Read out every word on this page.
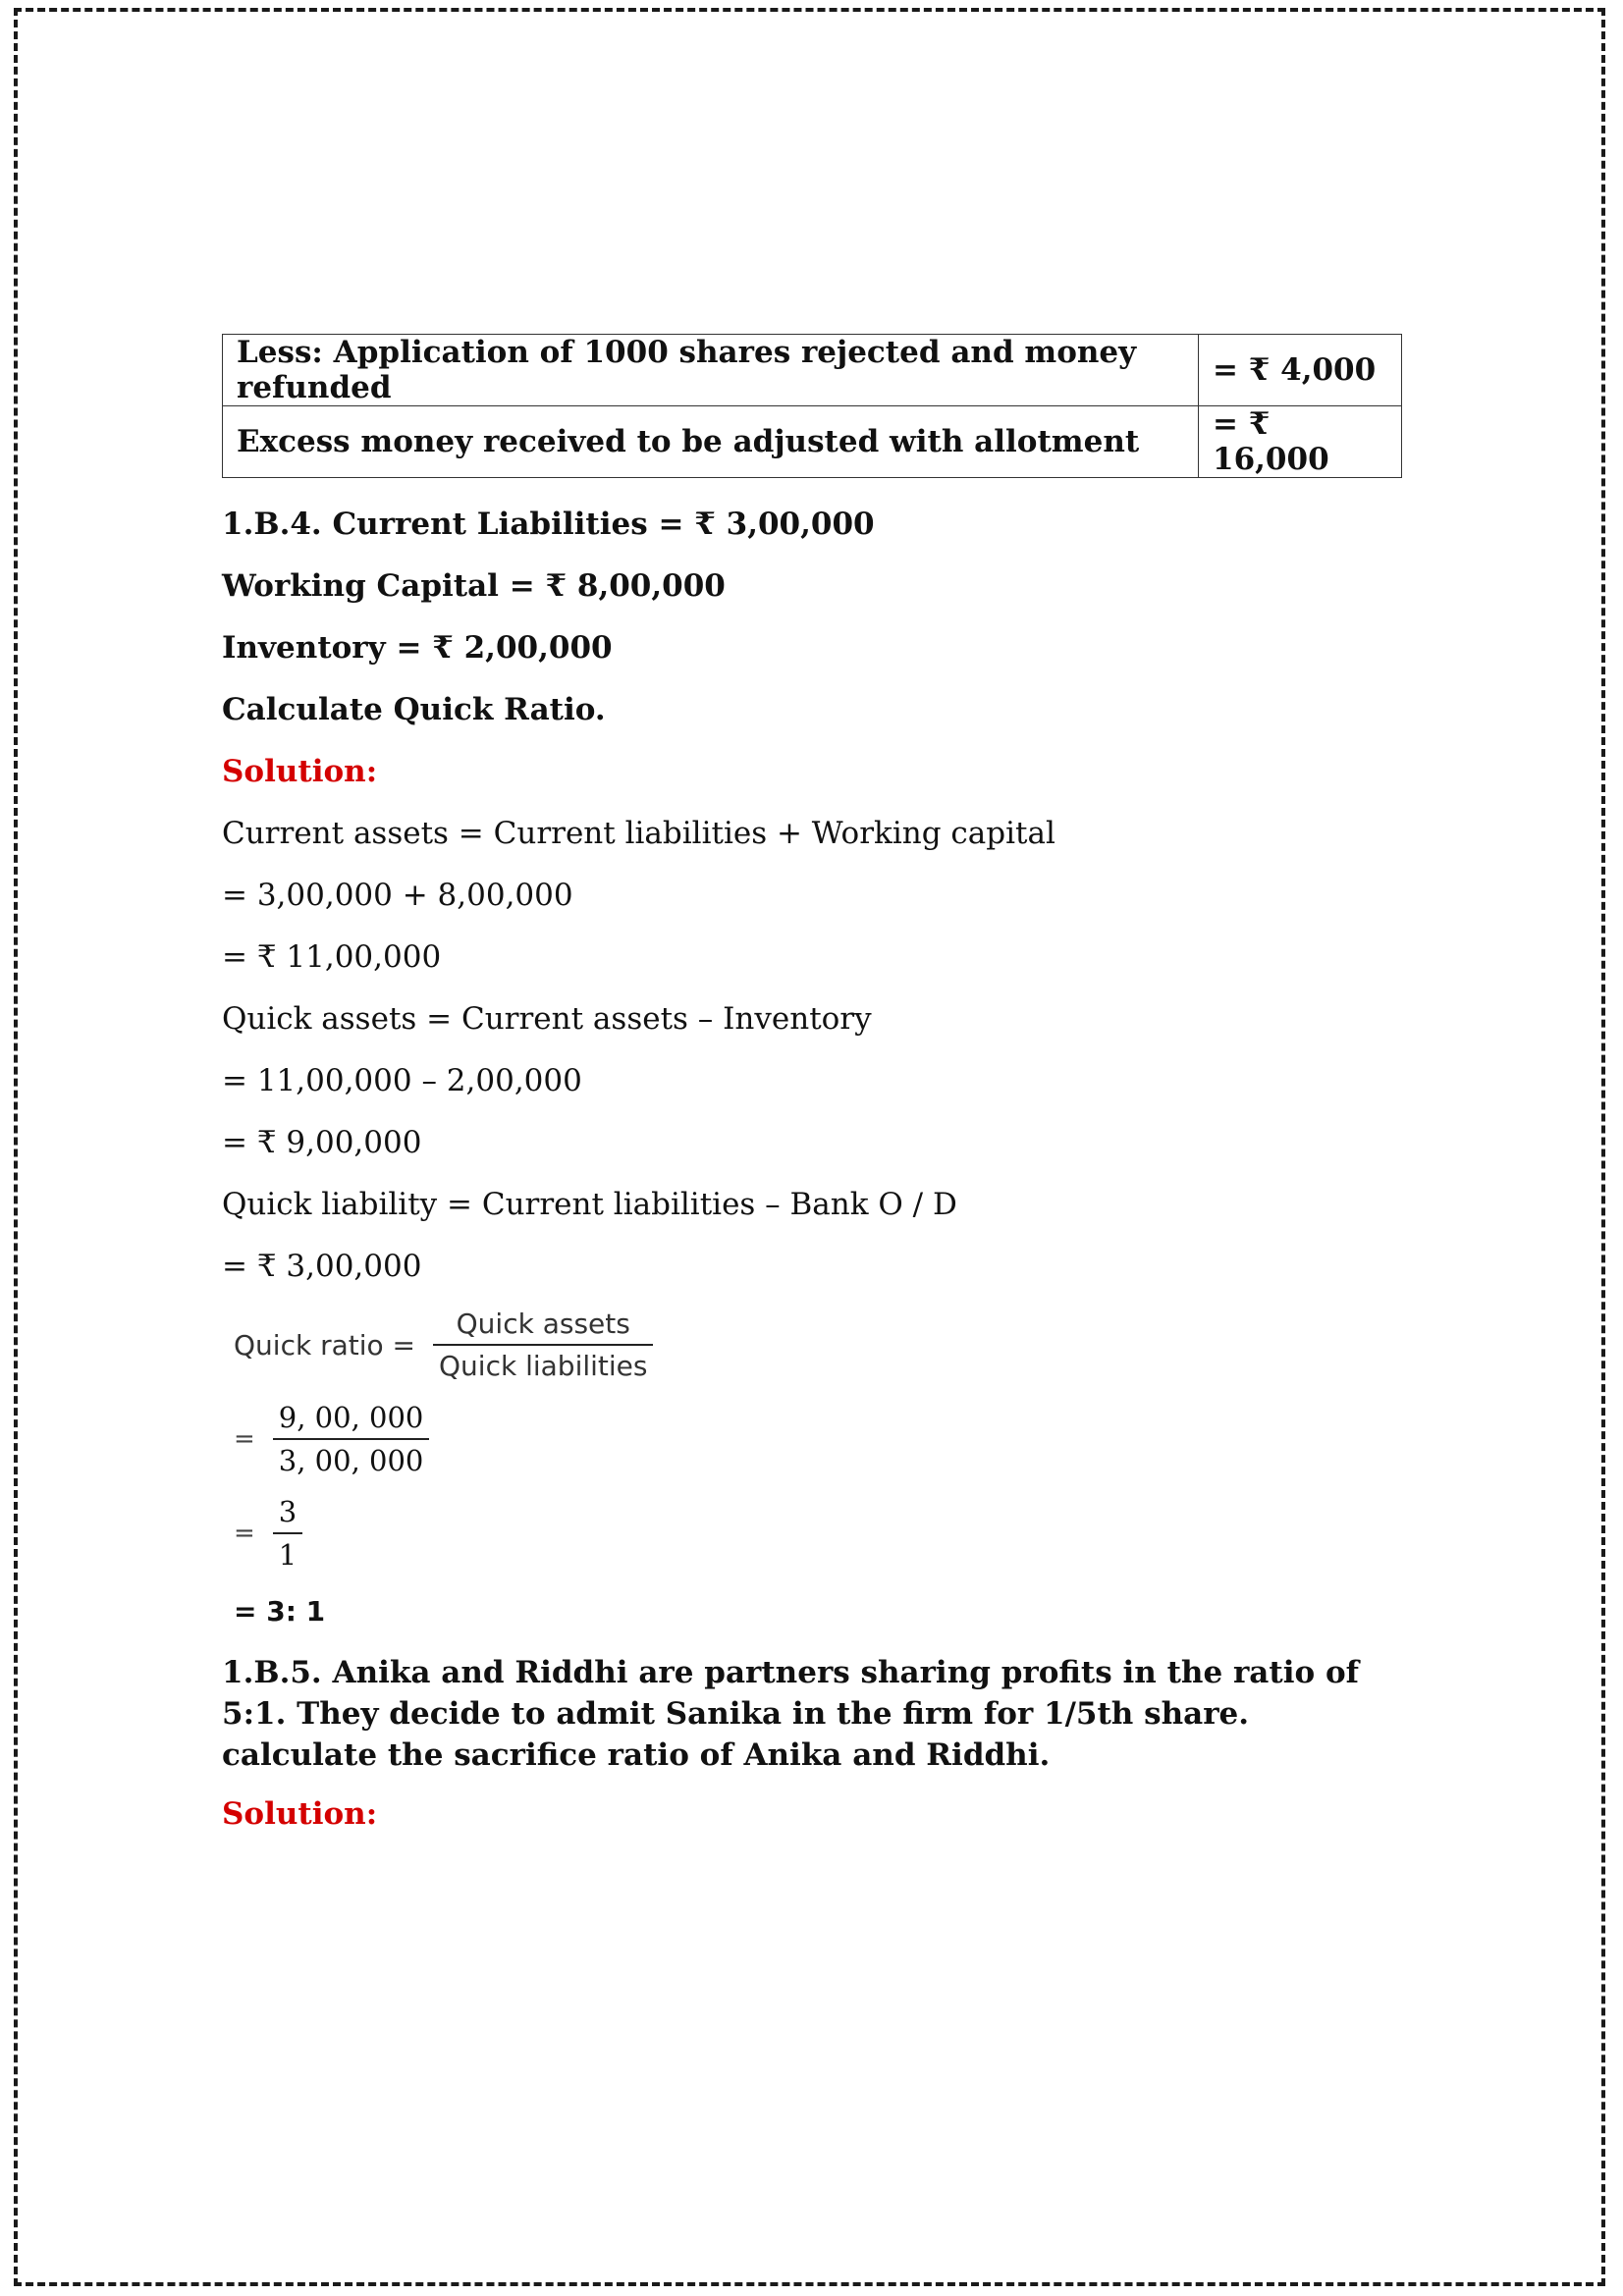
Less: Application of 1000 shares rejected and money refunded	= ₹ 4,000
Excess money received to be adjusted with allotment	= ₹ 16,000
1.B.4. Current Liabilities = ₹ 3,00,000
Working Capital = ₹ 8,00,000
Inventory = ₹ 2,00,000
Calculate Quick Ratio.
Solution:
Current assets = Current liabilities + Working capital
= 3,00,000 + 8,00,000
= ₹ 11,00,000
Quick assets = Current assets – Inventory
= 11,00,000 – 2,00,000
= ₹ 9,00,000
Quick liability = Current liabilities – Bank O / D
= ₹ 3,00,000
Quick ratio = $\frac{\text{Quick assets}}{\text{Quick liabilities}}$
= $\frac{9, 00, 000}{3, 00, 000}$
= $\frac{3}{1}$
= 3: 1
1.B.5. Anika and Riddhi are partners sharing profits in the ratio of 5:1. They decide to admit Sanika in the firm for 1/5th share. calculate the sacrifice ratio of Anika and Riddhi.
Solution:
